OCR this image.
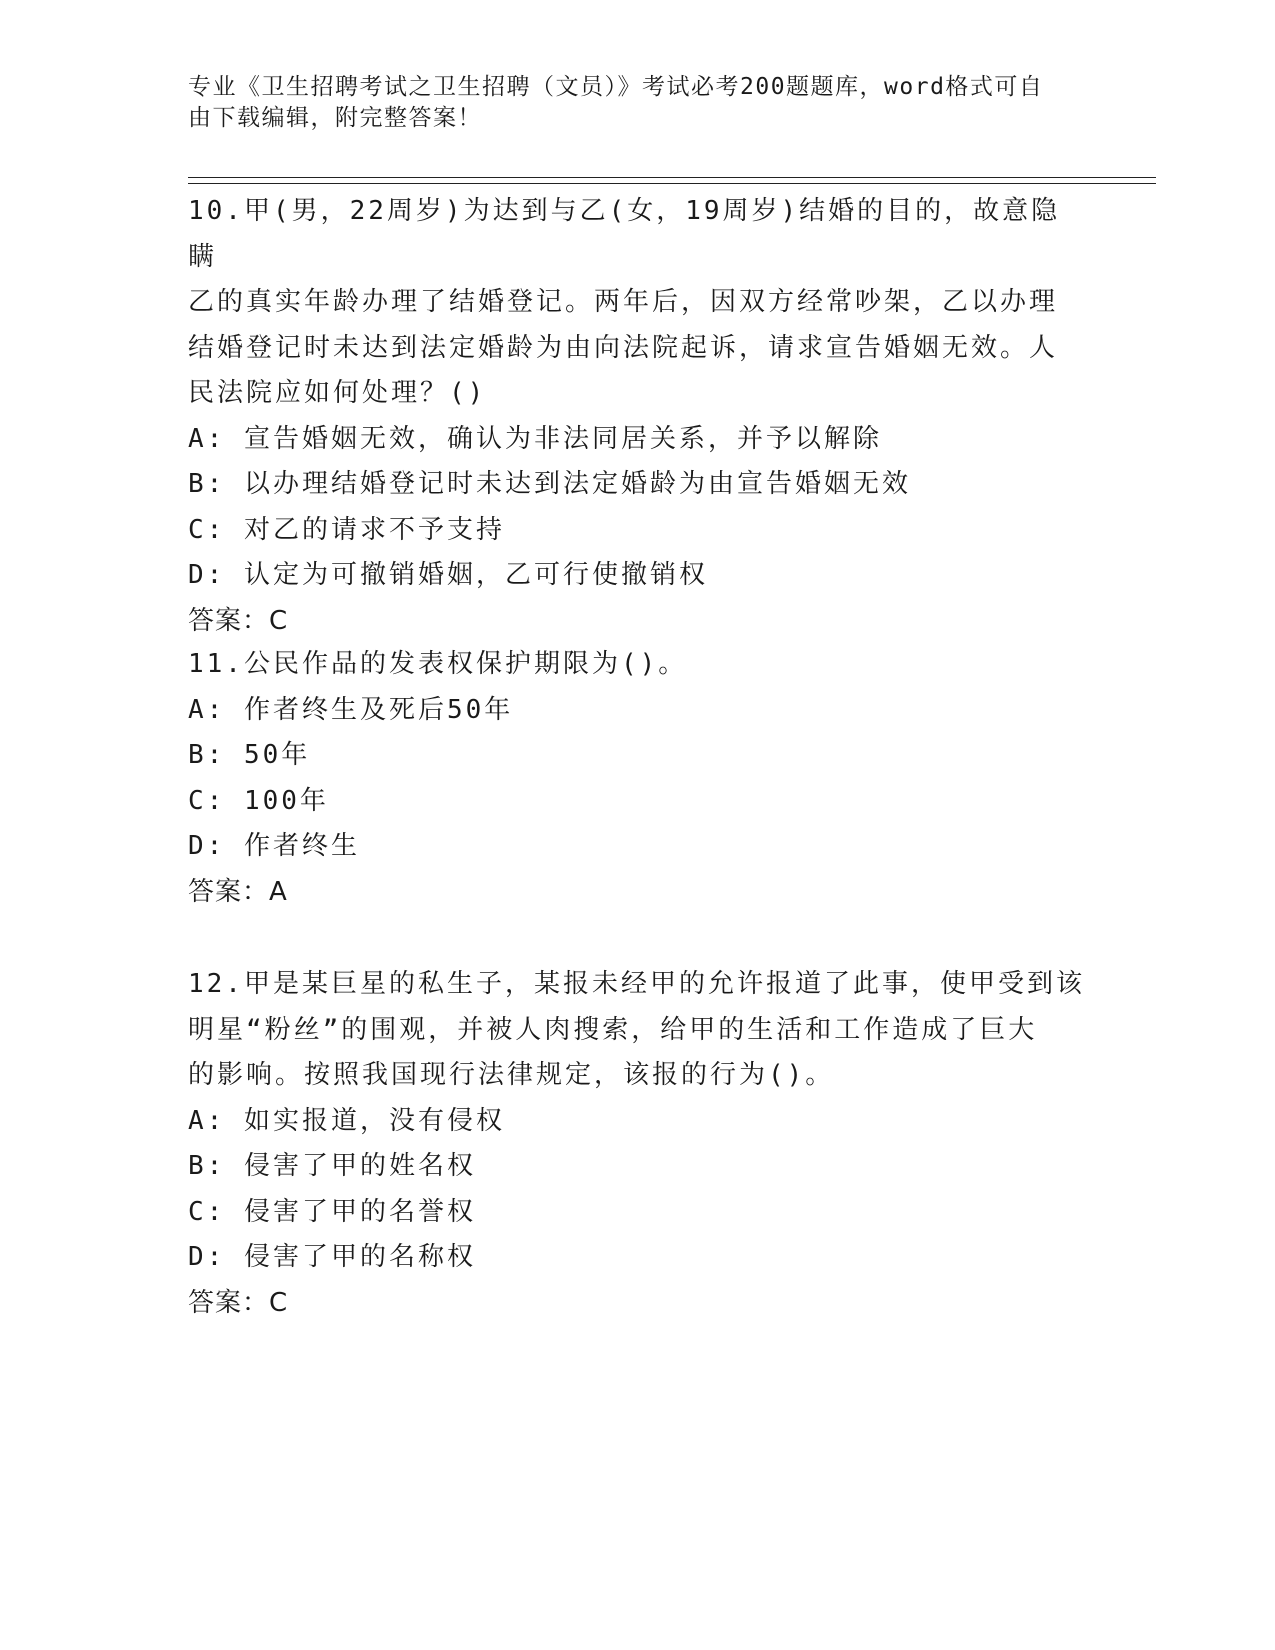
专业《卫生招聘考试之卫生招聘（文员）》考试必考200题题库，word格式可自
由下载编辑，附完整答案！
10.甲(男，22周岁)为达到与乙(女，19周岁)结婚的目的，故意隐瞒
乙的真实年龄办理了结婚登记。两年后，因双方经常吵架，乙以办理
结婚登记时未达到法定婚龄为由向法院起诉，请求宣告婚姻无效。人
民法院应如何处理？()
A: 宣告婚姻无效，确认为非法同居关系，并予以解除
B: 以办理结婚登记时未达到法定婚龄为由宣告婚姻无效
C: 对乙的请求不予支持
D: 认定为可撤销婚姻，乙可行使撤销权
答案：C
11.公民作品的发表权保护期限为()。
A: 作者终生及死后50年
B: 50年
C: 100年
D: 作者终生
答案：A
12.甲是某巨星的私生子，某报未经甲的允许报道了此事，使甲受到该
明星“粉丝”的围观，并被人肉搜索，给甲的生活和工作造成了巨大
的影响。按照我国现行法律规定，该报的行为()。
A: 如实报道，没有侵权
B: 侵害了甲的姓名权
C: 侵害了甲的名誉权
D: 侵害了甲的名称权
答案：C
